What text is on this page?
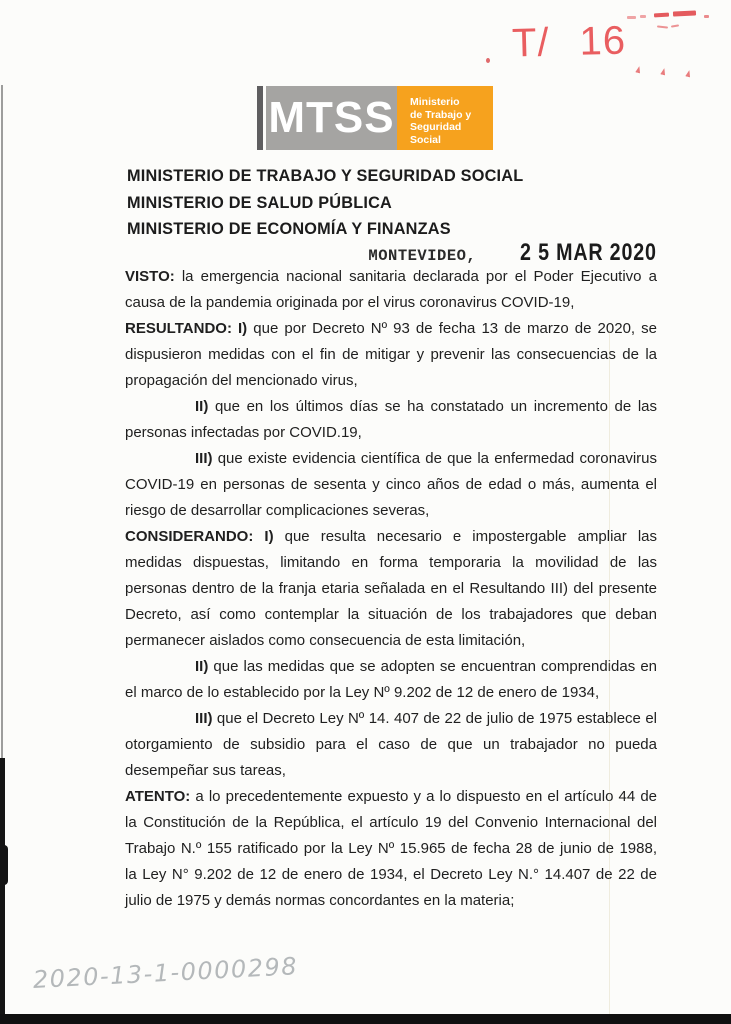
T/ 16
MTSS Ministerio
de Trabajo y
Seguridad
Social
MINISTERIO DE TRABAJO Y SEGURIDAD SOCIAL
MINISTERIO DE SALUD PÚBLICA
MINISTERIO DE ECONOMÍA Y FINANZAS
MONTEVIDEO, 2 5 MAR 2020
VISTO: la emergencia nacional sanitaria declarada por el Poder Ejecutivo a
causa de la pandemia originada por el virus coronavirus COVID-19,
RESULTANDO: I) que por Decreto Nº 93 de fecha 13 de marzo de 2020, se
dispusieron medidas con el fin de mitigar y prevenir las consecuencias de la
propagación del mencionado virus,
II) que en los últimos días se ha constatado un incremento de las
personas infectadas por COVID.19,
III) que existe evidencia científica de que la enfermedad coronavirus
COVID-19 en personas de sesenta y cinco años de edad o más, aumenta el
riesgo de desarrollar complicaciones severas,
CONSIDERANDO: I) que resulta necesario e impostergable ampliar las
medidas dispuestas, limitando en forma temporaria la movilidad de las
personas dentro de la franja etaria señalada en el Resultando III) del presente
Decreto, así como contemplar la situación de los trabajadores que deban
permanecer aislados como consecuencia de esta limitación,
II) que las medidas que se adopten se encuentran comprendidas en
el marco de lo establecido por la Ley Nº 9.202 de 12 de enero de 1934,
III) que el Decreto Ley Nº 14. 407 de 22 de julio de 1975 establece el
otorgamiento de subsidio para el caso de que un trabajador no pueda
desempeñar sus tareas,
ATENTO: a lo precedentemente expuesto y a lo dispuesto en el artículo 44 de
la Constitución de la República, el artículo 19 del Convenio Internacional del
Trabajo N.º 155 ratificado por la Ley Nº 15.965 de fecha 28 de junio de 1988,
la Ley N° 9.202 de 12 de enero de 1934, el Decreto Ley N.° 14.407 de 22 de
julio de 1975 y demás normas concordantes en la materia;
2020-13-1-0000298
